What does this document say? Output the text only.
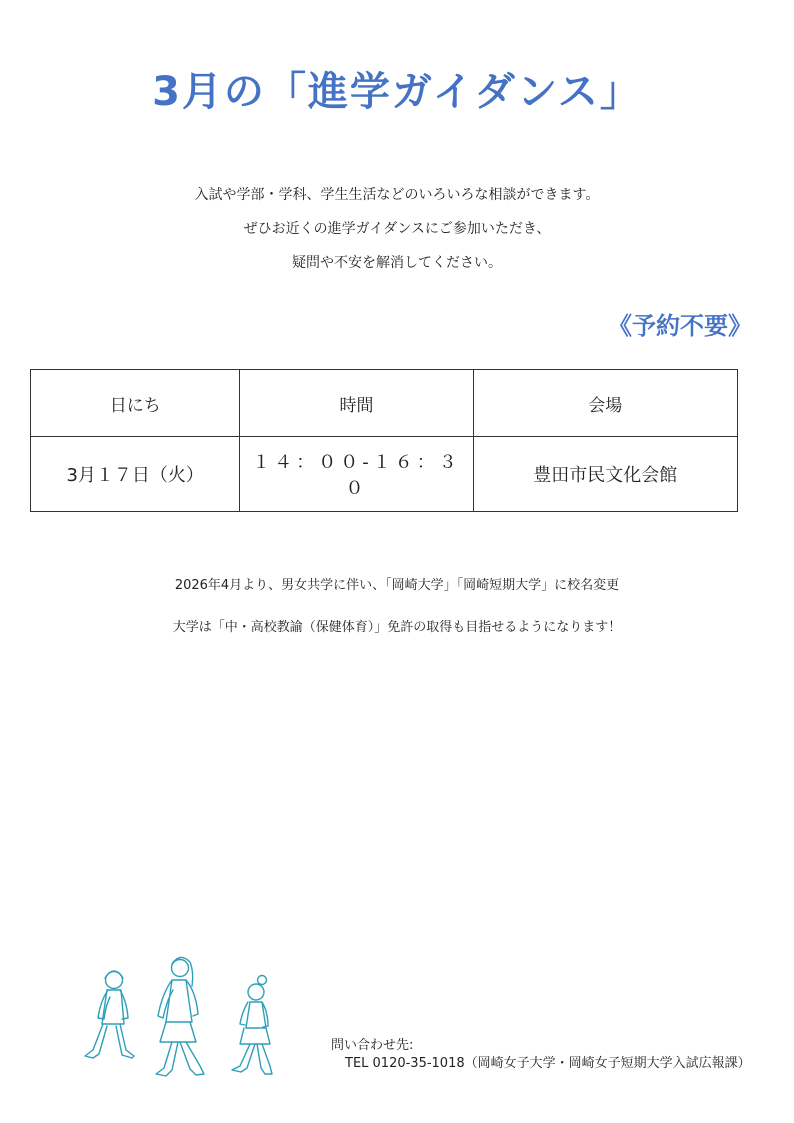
3月の「進学ガイダンス」

入試や学部・学科、学生生活などのいろいろな相談ができます。

ぜひお近くの進学ガイダンスにご参加いただき、

疑問や不安を解消してください。

《予約不要》
日にち	時間	会場
3月１７日（火）	１４：００-１６：３０	豊田市民文化会館

2026年4月より、男女共学に伴い、「岡崎大学」「岡崎短期大学」に校名変更

大学は「中・高校教諭（保健体育）」免許の取得も目指せるようになります！

問い合わせ先:
TEL 0120-35-1018（岡崎女子大学・岡崎女子短期大学入試広報課）
